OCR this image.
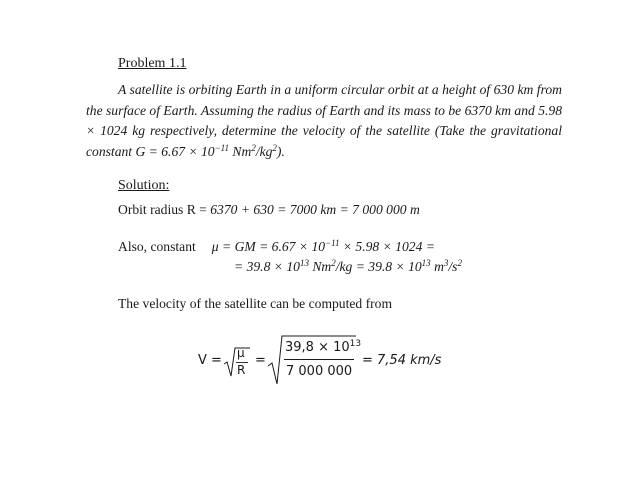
Problem 1.1
A satellite is orbiting Earth in a uniform circular orbit at a height of 630 km from the surface of Earth. Assuming the radius of Earth and its mass to be 6370 km and 5.98 × 1024 kg respectively, determine the velocity of the satellite (Take the gravitational constant $G = 6.67 \times 10^{-11}$ $Nm^2/kg^2$).
Solution:
Orbit radius R = 6370 + 630 = 7000 km = 7 000 000 m
Also, constant μ = GM = $6.67 \times 10^{-11} \times 5.98 \times 1024$ =
= $39.8 \times 10^{13}$ $Nm^2/kg = 39.8 \times 10^{13}$ $m^3/s^2$
The velocity of the satellite can be computed from
V = μ
R
=
$39,8 \times 10^{13}$
7 000 000
= 7,54 km/s
